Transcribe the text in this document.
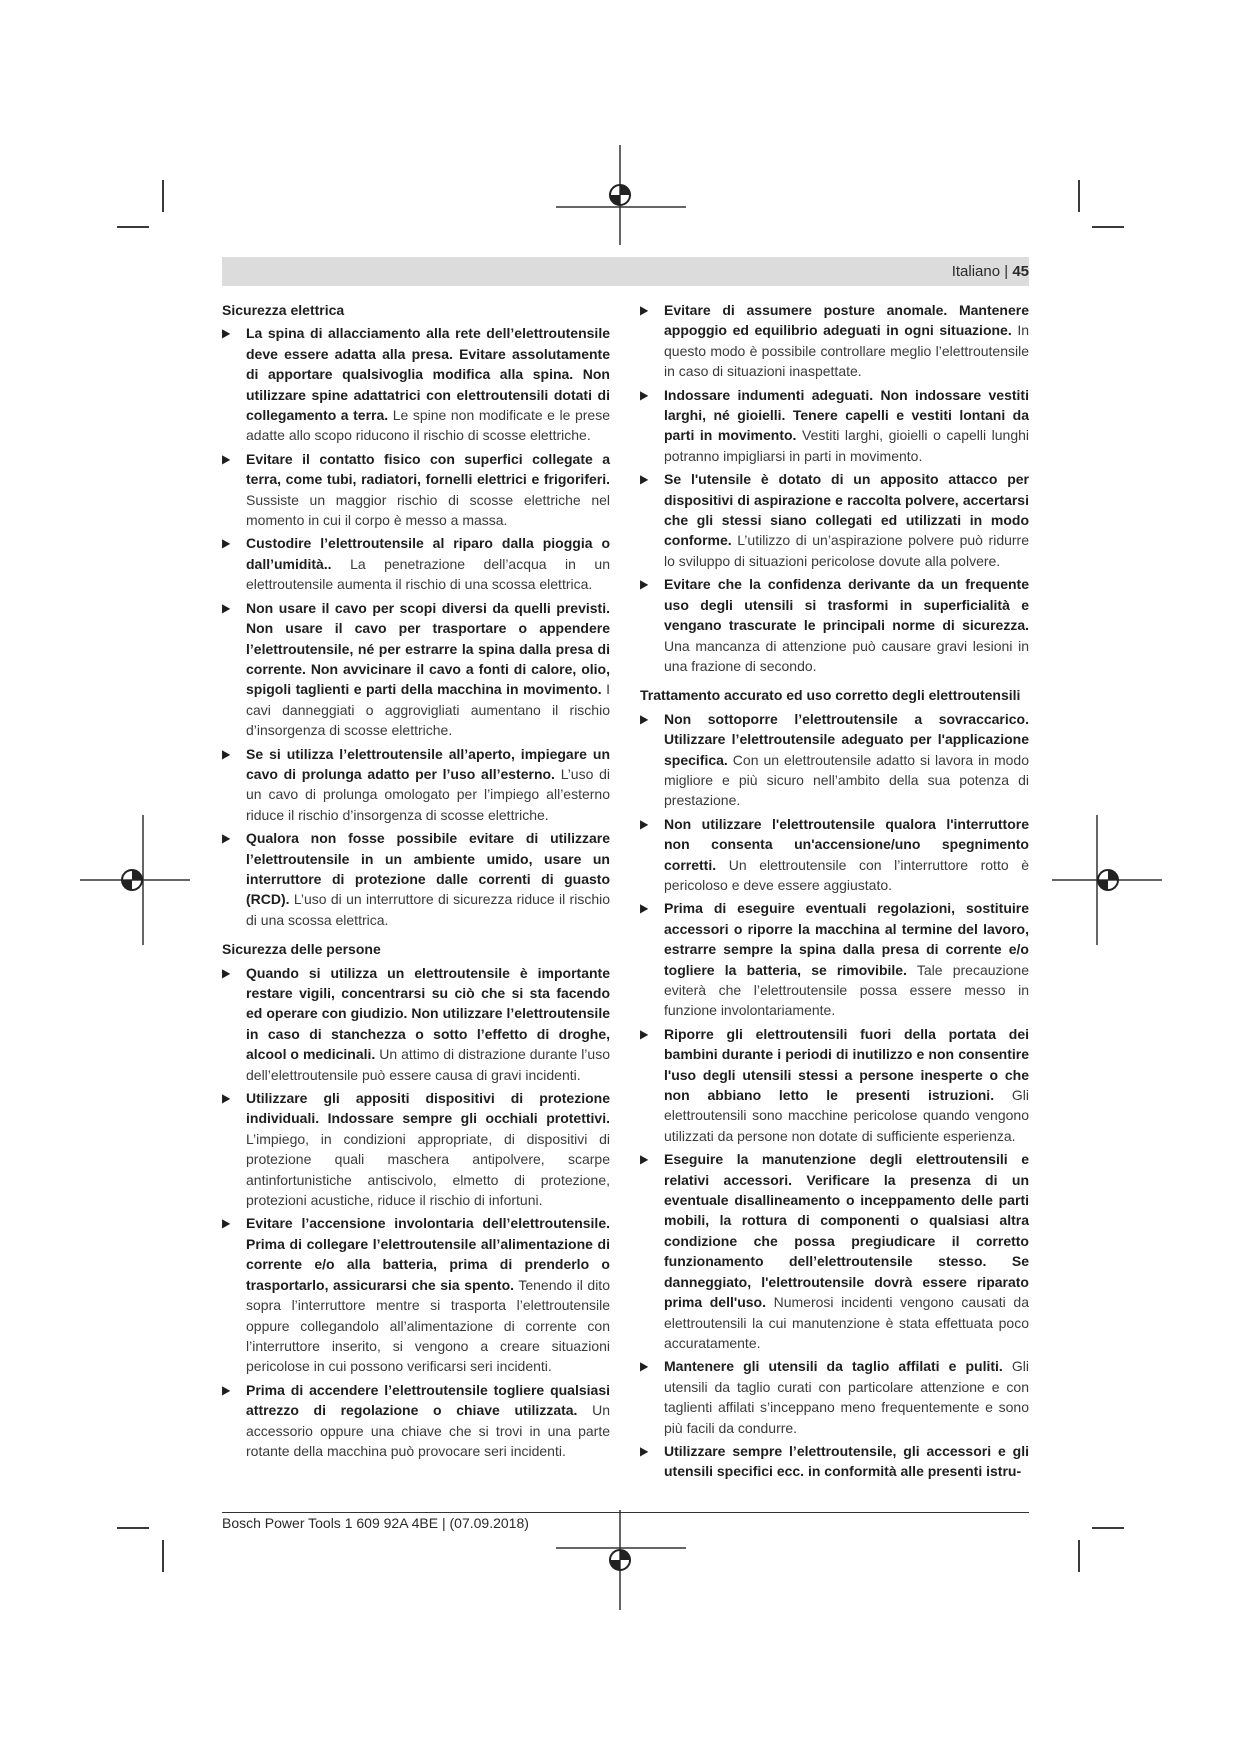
Italiano | 45
Sicurezza elettrica
▶ La spina di allacciamento alla rete dell’elettroutensile deve essere adatta alla presa. Evitare assolutamente di apportare qualsivoglia modifica alla spina. Non utilizzare spine adattatrici con elettroutensili dotati di collegamento a terra. Le spine non modificate e le prese adatte allo scopo riducono il rischio di scosse elettriche.
▶ Evitare il contatto fisico con superfici collegate a terra, come tubi, radiatori, fornelli elettrici e frigoriferi. Sussiste un maggior rischio di scosse elettriche nel momento in cui il corpo è messo a massa.
▶ Custodire l’elettroutensile al riparo dalla pioggia o dall’umidità.. La penetrazione dell’acqua in un elettroutensile aumenta il rischio di una scossa elettrica.
▶ Non usare il cavo per scopi diversi da quelli previsti. Non usare il cavo per trasportare o appendere l’elettroutensile, né per estrarre la spina dalla presa di corrente. Non avvicinare il cavo a fonti di calore, olio, spigoli taglienti e parti della macchina in movimento. I cavi danneggiati o aggrovigliati aumentano il rischio d’insorgenza di scosse elettriche.
▶ Se si utilizza l’elettroutensile all’aperto, impiegare un cavo di prolunga adatto per l’uso all’esterno. L’uso di un cavo di prolunga omologato per l’impiego all’esterno riduce il rischio d’insorgenza di scosse elettriche.
▶ Qualora non fosse possibile evitare di utilizzare l’elettroutensile in un ambiente umido, usare un interruttore di protezione dalle correnti di guasto (RCD). L’uso di un interruttore di sicurezza riduce il rischio di una scossa elettrica.
Sicurezza delle persone
▶ Quando si utilizza un elettroutensile è importante restare vigili, concentrarsi su ciò che si sta facendo ed operare con giudizio. Non utilizzare l’elettroutensile in caso di stanchezza o sotto l’effetto di droghe, alcool o medicinali. Un attimo di distrazione durante l’uso dell’elettroutensile può essere causa di gravi incidenti.
▶ Utilizzare gli appositi dispositivi di protezione individuali. Indossare sempre gli occhiali protettivi. L’impiego, in condizioni appropriate, di dispositivi di protezione quali maschera antipolvere, scarpe antinfortunistiche antiscivolo, elmetto di protezione, protezioni acustiche, riduce il rischio di infortuni.
▶ Evitare l’accensione involontaria dell’elettroutensile. Prima di collegare l’elettroutensile all’alimentazione di corrente e/o alla batteria, prima di prenderlo o trasportarlo, assicurarsi che sia spento. Tenendo il dito sopra l’interruttore mentre si trasporta l’elettroutensile oppure collegandolo all’alimentazione di corrente con l’interruttore inserito, si vengono a creare situazioni pericolose in cui possono verificarsi seri incidenti.
▶ Prima di accendere l’elettroutensile togliere qualsiasi attrezzo di regolazione o chiave utilizzata. Un accessorio oppure una chiave che si trovi in una parte rotante della macchina può provocare seri incidenti.
▶ Evitare di assumere posture anomale. Mantenere appoggio ed equilibrio adeguati in ogni situazione. In questo modo è possibile controllare meglio l’elettroutensile in caso di situazioni inaspettate.
▶ Indossare indumenti adeguati. Non indossare vestiti larghi, né gioielli. Tenere capelli e vestiti lontani da parti in movimento. Vestiti larghi, gioielli o capelli lunghi potranno impigliarsi in parti in movimento.
▶ Se l'utensile è dotato di un apposito attacco per dispositivi di aspirazione e raccolta polvere, accertarsi che gli stessi siano collegati ed utilizzati in modo conforme. L’utilizzo di un’aspirazione polvere può ridurre lo sviluppo di situazioni pericolose dovute alla polvere.
▶ Evitare che la confidenza derivante da un frequente uso degli utensili si trasformi in superficialità e vengano trascurate le principali norme di sicurezza. Una mancanza di attenzione può causare gravi lesioni in una frazione di secondo.
Trattamento accurato ed uso corretto degli elettroutensili
▶ Non sottoporre l’elettroutensile a sovraccarico. Utilizzare l’elettroutensile adeguato per l'applicazione specifica. Con un elettroutensile adatto si lavora in modo migliore e più sicuro nell’ambito della sua potenza di prestazione.
▶ Non utilizzare l'elettroutensile qualora l'interruttore non consenta un'accensione/uno spegnimento corretti. Un elettroutensile con l’interruttore rotto è pericoloso e deve essere aggiustato.
▶ Prima di eseguire eventuali regolazioni, sostituire accessori o riporre la macchina al termine del lavoro, estrarre sempre la spina dalla presa di corrente e/o togliere la batteria, se rimovibile. Tale precauzione eviterà che l’elettroutensile possa essere messo in funzione involontariamente.
▶ Riporre gli elettroutensili fuori della portata dei bambini durante i periodi di inutilizzo e non consentire l'uso degli utensili stessi a persone inesperte o che non abbiano letto le presenti istruzioni. Gli elettroutensili sono macchine pericolose quando vengono utilizzati da persone non dotate di sufficiente esperienza.
▶ Eseguire la manutenzione degli elettroutensili e relativi accessori. Verificare la presenza di un eventuale disallineamento o inceppamento delle parti mobili, la rottura di componenti o qualsiasi altra condizione che possa pregiudicare il corretto funzionamento dell’elettroutensile stesso. Se danneggiato, l'elettroutensile dovrà essere riparato prima dell'uso. Numerosi incidenti vengono causati da elettroutensili la cui manutenzione è stata effettuata poco accuratamente.
▶ Mantenere gli utensili da taglio affilati e puliti. Gli utensili da taglio curati con particolare attenzione e con taglienti affilati s’inceppano meno frequentemente e sono più facili da condurre.
▶ Utilizzare sempre l’elettroutensile, gli accessori e gli utensili specifici ecc. in conformità alle presenti istru-
Bosch Power Tools 1 609 92A 4BE | (07.09.2018)
